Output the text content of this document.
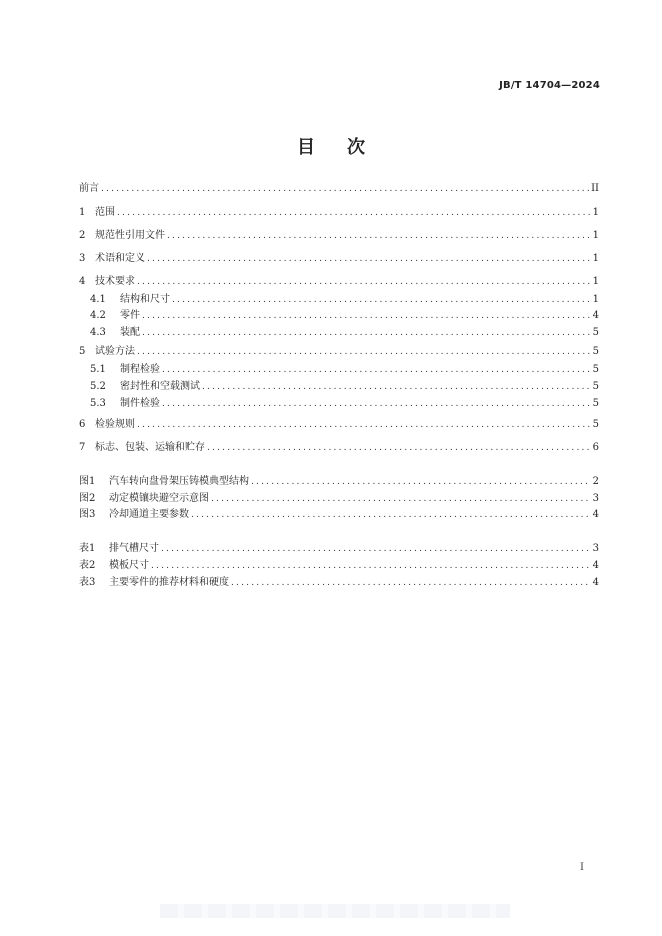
JB/T 14704—2024
目次
前言 .....	II
1 范围 .....	1
2 规范性引用文件 .....	1
3 术语和定义 .....	1
4 技术要求 .....	1
4.1	结构和尺寸 .....	1
4.2	零件 .....	4
4.3	装配 .....	5
5 试验方法 .....	5
5.1	制程检验 .....	5
5.2	密封性和空载测试 .....	5
5.3	制件检验 .....	5
6 检验规则 .....	5
7 标志、包装、运输和贮存 .....	6
图1	汽车转向盘骨架压铸模典型结构 .....	2
图2	动定模镶块避空示意图 .....	3
图3	冷却通道主要参数 .....	4
表1	排气槽尺寸 .....	3
表2	模板尺寸 .....	4
表3	主要零件的推荐材料和硬度 .....	4
I
